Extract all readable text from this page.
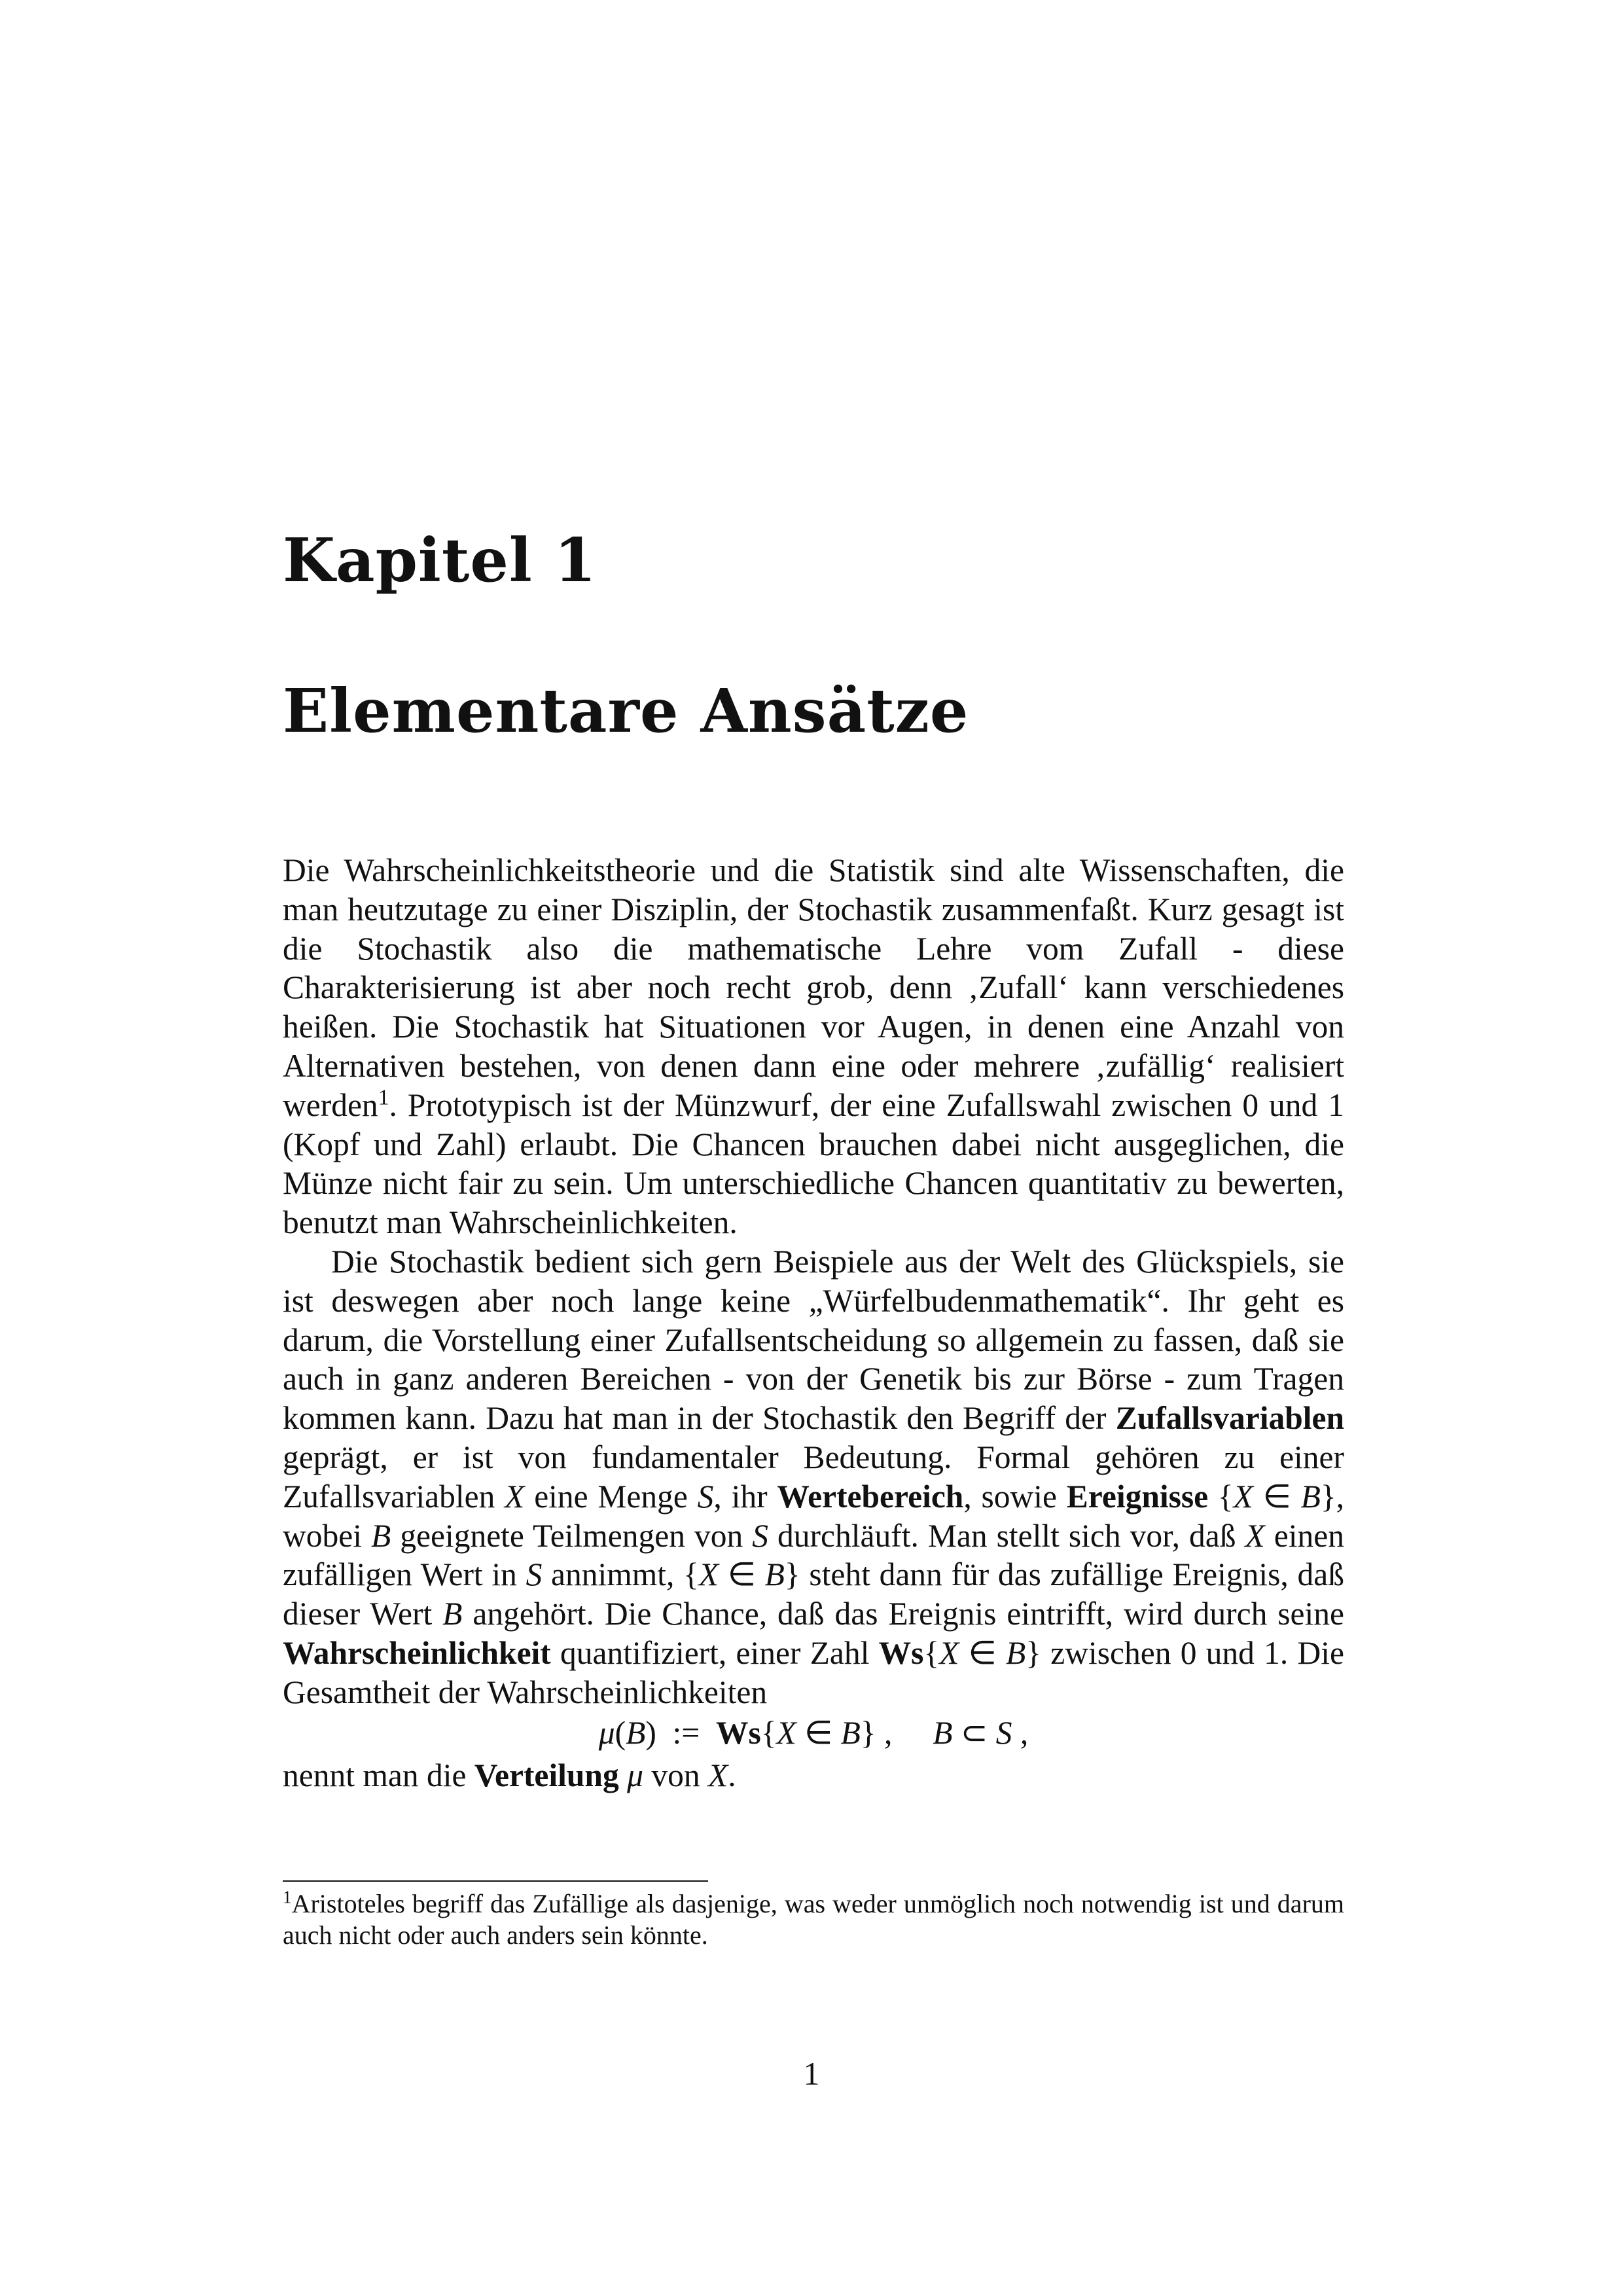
Kapitel 1
Elementare Ansätze

Die Wahrscheinlichkeitstheorie und die Statistik sind alte Wissenschaften, die man heutzutage zu einer Disziplin, der Stochastik zusammenfaßt. Kurz gesagt ist die Stochastik also die mathematische Lehre vom Zufall - diese Charakterisierung ist aber noch recht grob, denn ‚Zufall‘ kann verschiedenes heißen. Die Stochastik hat Situationen vor Augen, in denen eine Anzahl von Alternativen bestehen, von denen dann eine oder mehrere ‚zufällig‘ realisiert werden$^1$. Prototypisch ist der Münzwurf, der eine Zufallswahl zwischen 0 und 1 (Kopf und Zahl) erlaubt. Die Chancen brauchen dabei nicht ausgeglichen, die Münze nicht fair zu sein. Um unterschiedliche Chancen quantitativ zu bewerten, benutzt man Wahrscheinlichkeiten.

Die Stochastik bedient sich gern Beispiele aus der Welt des Glückspiels, sie ist deswegen aber noch lange keine „Würfelbudenmathematik“. Ihr geht es darum, die Vorstellung einer Zufallsentscheidung so allgemein zu fassen, daß sie auch in ganz anderen Bereichen - von der Genetik bis zur Börse - zum Tragen kommen kann. Dazu hat man in der Stochastik den Begriff der Zufallsvariablen geprägt, er ist von fundamentaler Bedeutung. Formal gehören zu einer Zufallsvariablen X eine Menge S, ihr Wertebereich, sowie Ereignisse {X ∈ B}, wobei B geeignete Teilmengen von S durchläuft. Man stellt sich vor, daß X einen zufälligen Wert in S annimmt, {X ∈ B} steht dann für das zufällige Ereignis, daß dieser Wert B angehört. Die Chance, daß das Ereignis eintrifft, wird durch seine Wahrscheinlichkeit quantifiziert, einer Zahl Ws{X ∈ B} zwischen 0 und 1. Die Gesamtheit der Wahrscheinlichkeiten

μ(B)  :=  Ws{X ∈ B} ,     B ⊂ S ,

nennt man die Verteilung μ von X.

$^1$Aristoteles begriff das Zufällige als dasjenige, was weder unmöglich noch notwendig ist und darum auch nicht oder auch anders sein könnte.

1
